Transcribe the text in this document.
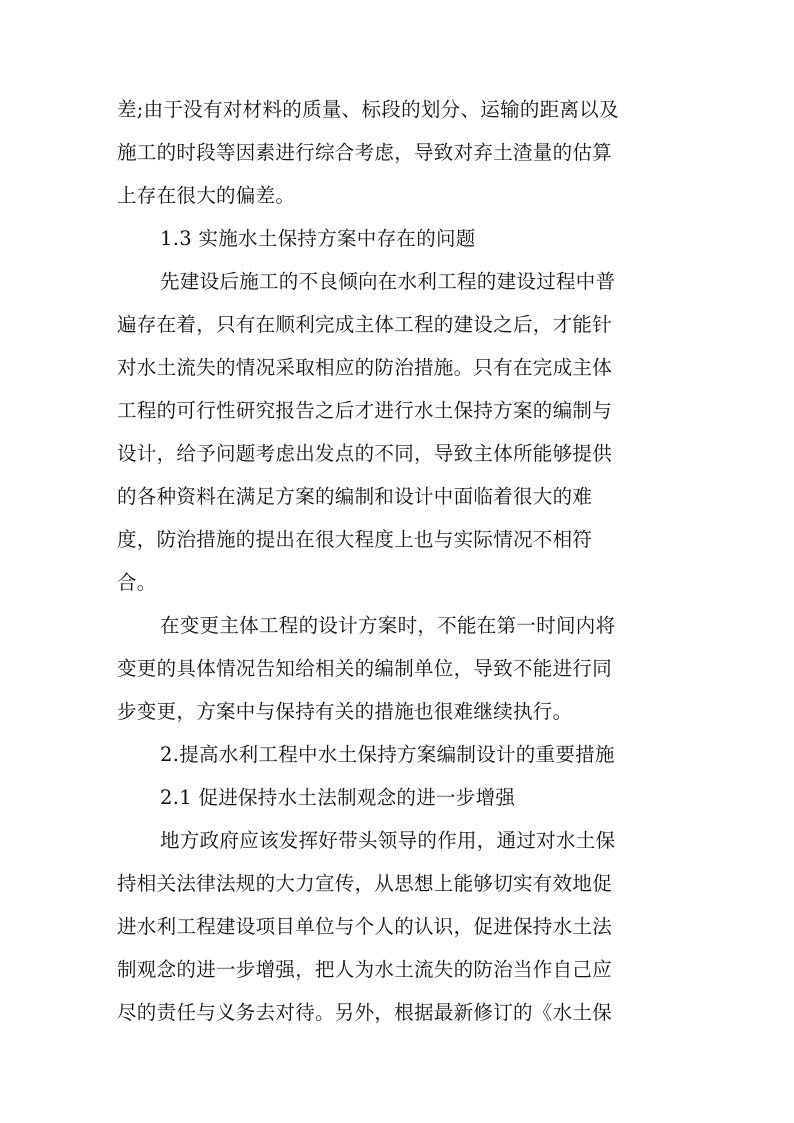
差;由于没有对材料的质量、标段的划分、运输的距离以及
施工的时段等因素进行综合考虑，导致对弃土渣量的估算
上存在很大的偏差。
1.3 实施水土保持方案中存在的问题
先建设后施工的不良倾向在水利工程的建设过程中普
遍存在着，只有在顺利完成主体工程的建设之后，才能针
对水土流失的情况采取相应的防治措施。只有在完成主体
工程的可行性研究报告之后才进行水土保持方案的编制与
设计，给予问题考虑出发点的不同，导致主体所能够提供
的各种资料在满足方案的编制和设计中面临着很大的难
度，防治措施的提出在很大程度上也与实际情况不相符
合。
在变更主体工程的设计方案时，不能在第一时间内将
变更的具体情况告知给相关的编制单位，导致不能进行同
步变更，方案中与保持有关的措施也很难继续执行。
2.提高水利工程中水土保持方案编制设计的重要措施
2.1 促进保持水土法制观念的进一步增强
地方政府应该发挥好带头领导的作用，通过对水土保
持相关法律法规的大力宣传，从思想上能够切实有效地促
进水利工程建设项目单位与个人的认识，促进保持水土法
制观念的进一步增强，把人为水土流失的防治当作自己应
尽的责任与义务去对待。另外，根据最新修订的《水土保
